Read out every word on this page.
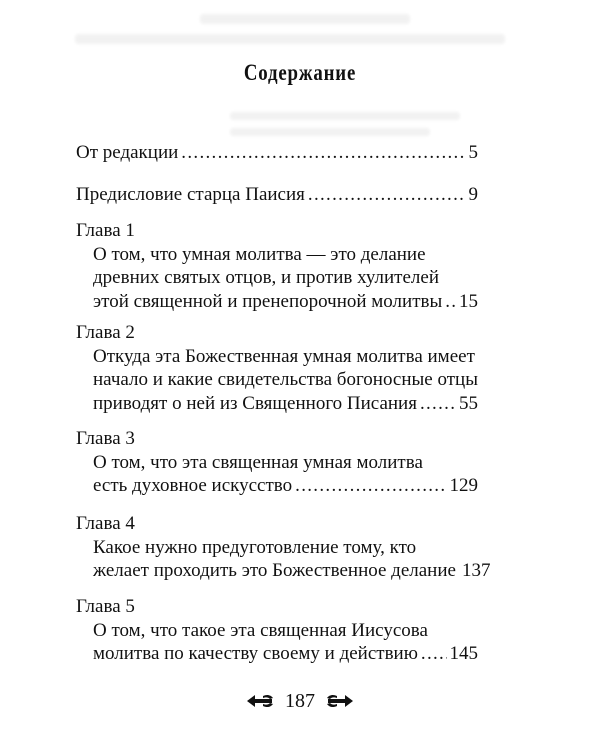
Содержание
От редакции .....	5
Предисловие старца Паисия .....	9
Глава 1
О том, что умная молитва — это делание
древних святых отцов, и против хулителей
этой священной и пренепорочной молитвы ..... 15
Глава 2
Откуда эта Божественная умная молитва имеет
начало и какие свидетельства богоносные отцы
приводят о ней из Священного Писания ..... 55
Глава 3
О том, что эта священная умная молитва
есть духовное искусство .....	129
Глава 4
Какое нужно предуготовление тому, кто
желает проходить это Божественное делание 137
Глава 5
О том, что такое эта священная Иисусова
молитва по качеству своему и действию ..... 145
187
